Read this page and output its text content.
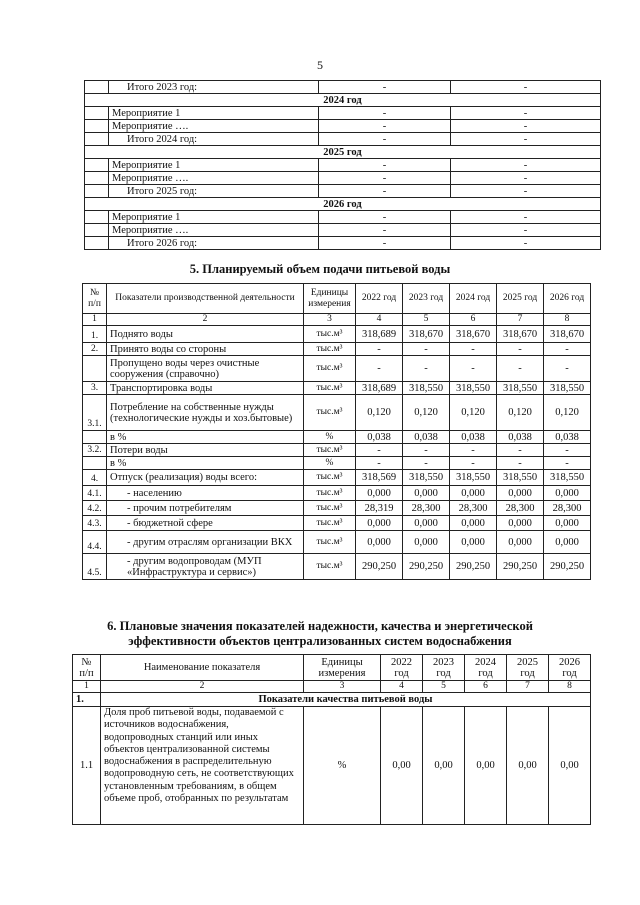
5
	Итого 2023 год:	-	-
2024 год			
	Мероприятие 1	-	-
	Мероприятие ….	-	-
	Итого 2024 год:	-	-
2025 год			
	Мероприятие 1	-	-
	Мероприятие ….	-	-
	Итого 2025 год:	-	-
2026 год			
	Мероприятие 1	-	-
	Мероприятие ….	-	-
	Итого 2026 год:	-	-
5. Планируемый объем подачи питьевой воды
№ п/п	Показатели производственной деятельности	Единицы измерения	2022 год	2023 год	2024 год	2025 год	2026 год
1	2	3	4	5	6	7	8
1.	Поднято воды	тыс.м³	318,689	318,670	318,670	318,670	318,670
2.	Принято воды со стороны	тыс.м³	-	-	-	-	-
	Пропущено воды через очистные сооружения (справочно)	тыс.м³	-	-	-	-	-
3.	Транспортировка воды	тыс.м³	318,689	318,550	318,550	318,550	318,550
3.1.	Потребление на собственные нужды (технологические нужды и хоз.бытовые)	тыс.м³	0,120	0,120	0,120	0,120	0,120
	в %	%	0,038	0,038	0,038	0,038	0,038
3.2.	Потери воды	тыс.м³	-	-	-	-	-
	в %	%	-	-	-	-	-
4.	Отпуск (реализация) воды всего:	тыс.м³	318,569	318,550	318,550	318,550	318,550
4.1.	- населению	тыс.м³	0,000	0,000	0,000	0,000	0,000
4.2.	- прочим потребителям	тыс.м³	28,319	28,300	28,300	28,300	28,300
4.3.	- бюджетной сфере	тыс.м³	0,000	0,000	0,000	0,000	0,000
4.4.	- другим отраслям организации ВКХ	тыс.м³	0,000	0,000	0,000	0,000	0,000
4.5.	- другим водопроводам (МУП «Инфраструктура и сервис»)	тыс.м³	290,250	290,250	290,250	290,250	290,250
6. Плановые значения показателей надежности, качества и энергетической
эффективности объектов централизованных систем водоснабжения
№ п/п	Наименование показателя	Единицы измерения	2022 год	2023 год	2024 год	2025 год	2026 год
1	2	3	4	5	6	7	8
1.	Показатели качества питьевой воды						
1.1	Доля проб питьевой воды, подаваемой с источников водоснабжения, водопроводных станций или иных объектов централизованной системы водоснабжения в распределительную водопроводную сеть, не соответствующих установленным требованиям, в общем объеме проб, отобранных по результатам	%	0,00	0,00	0,00	0,00	0,00
